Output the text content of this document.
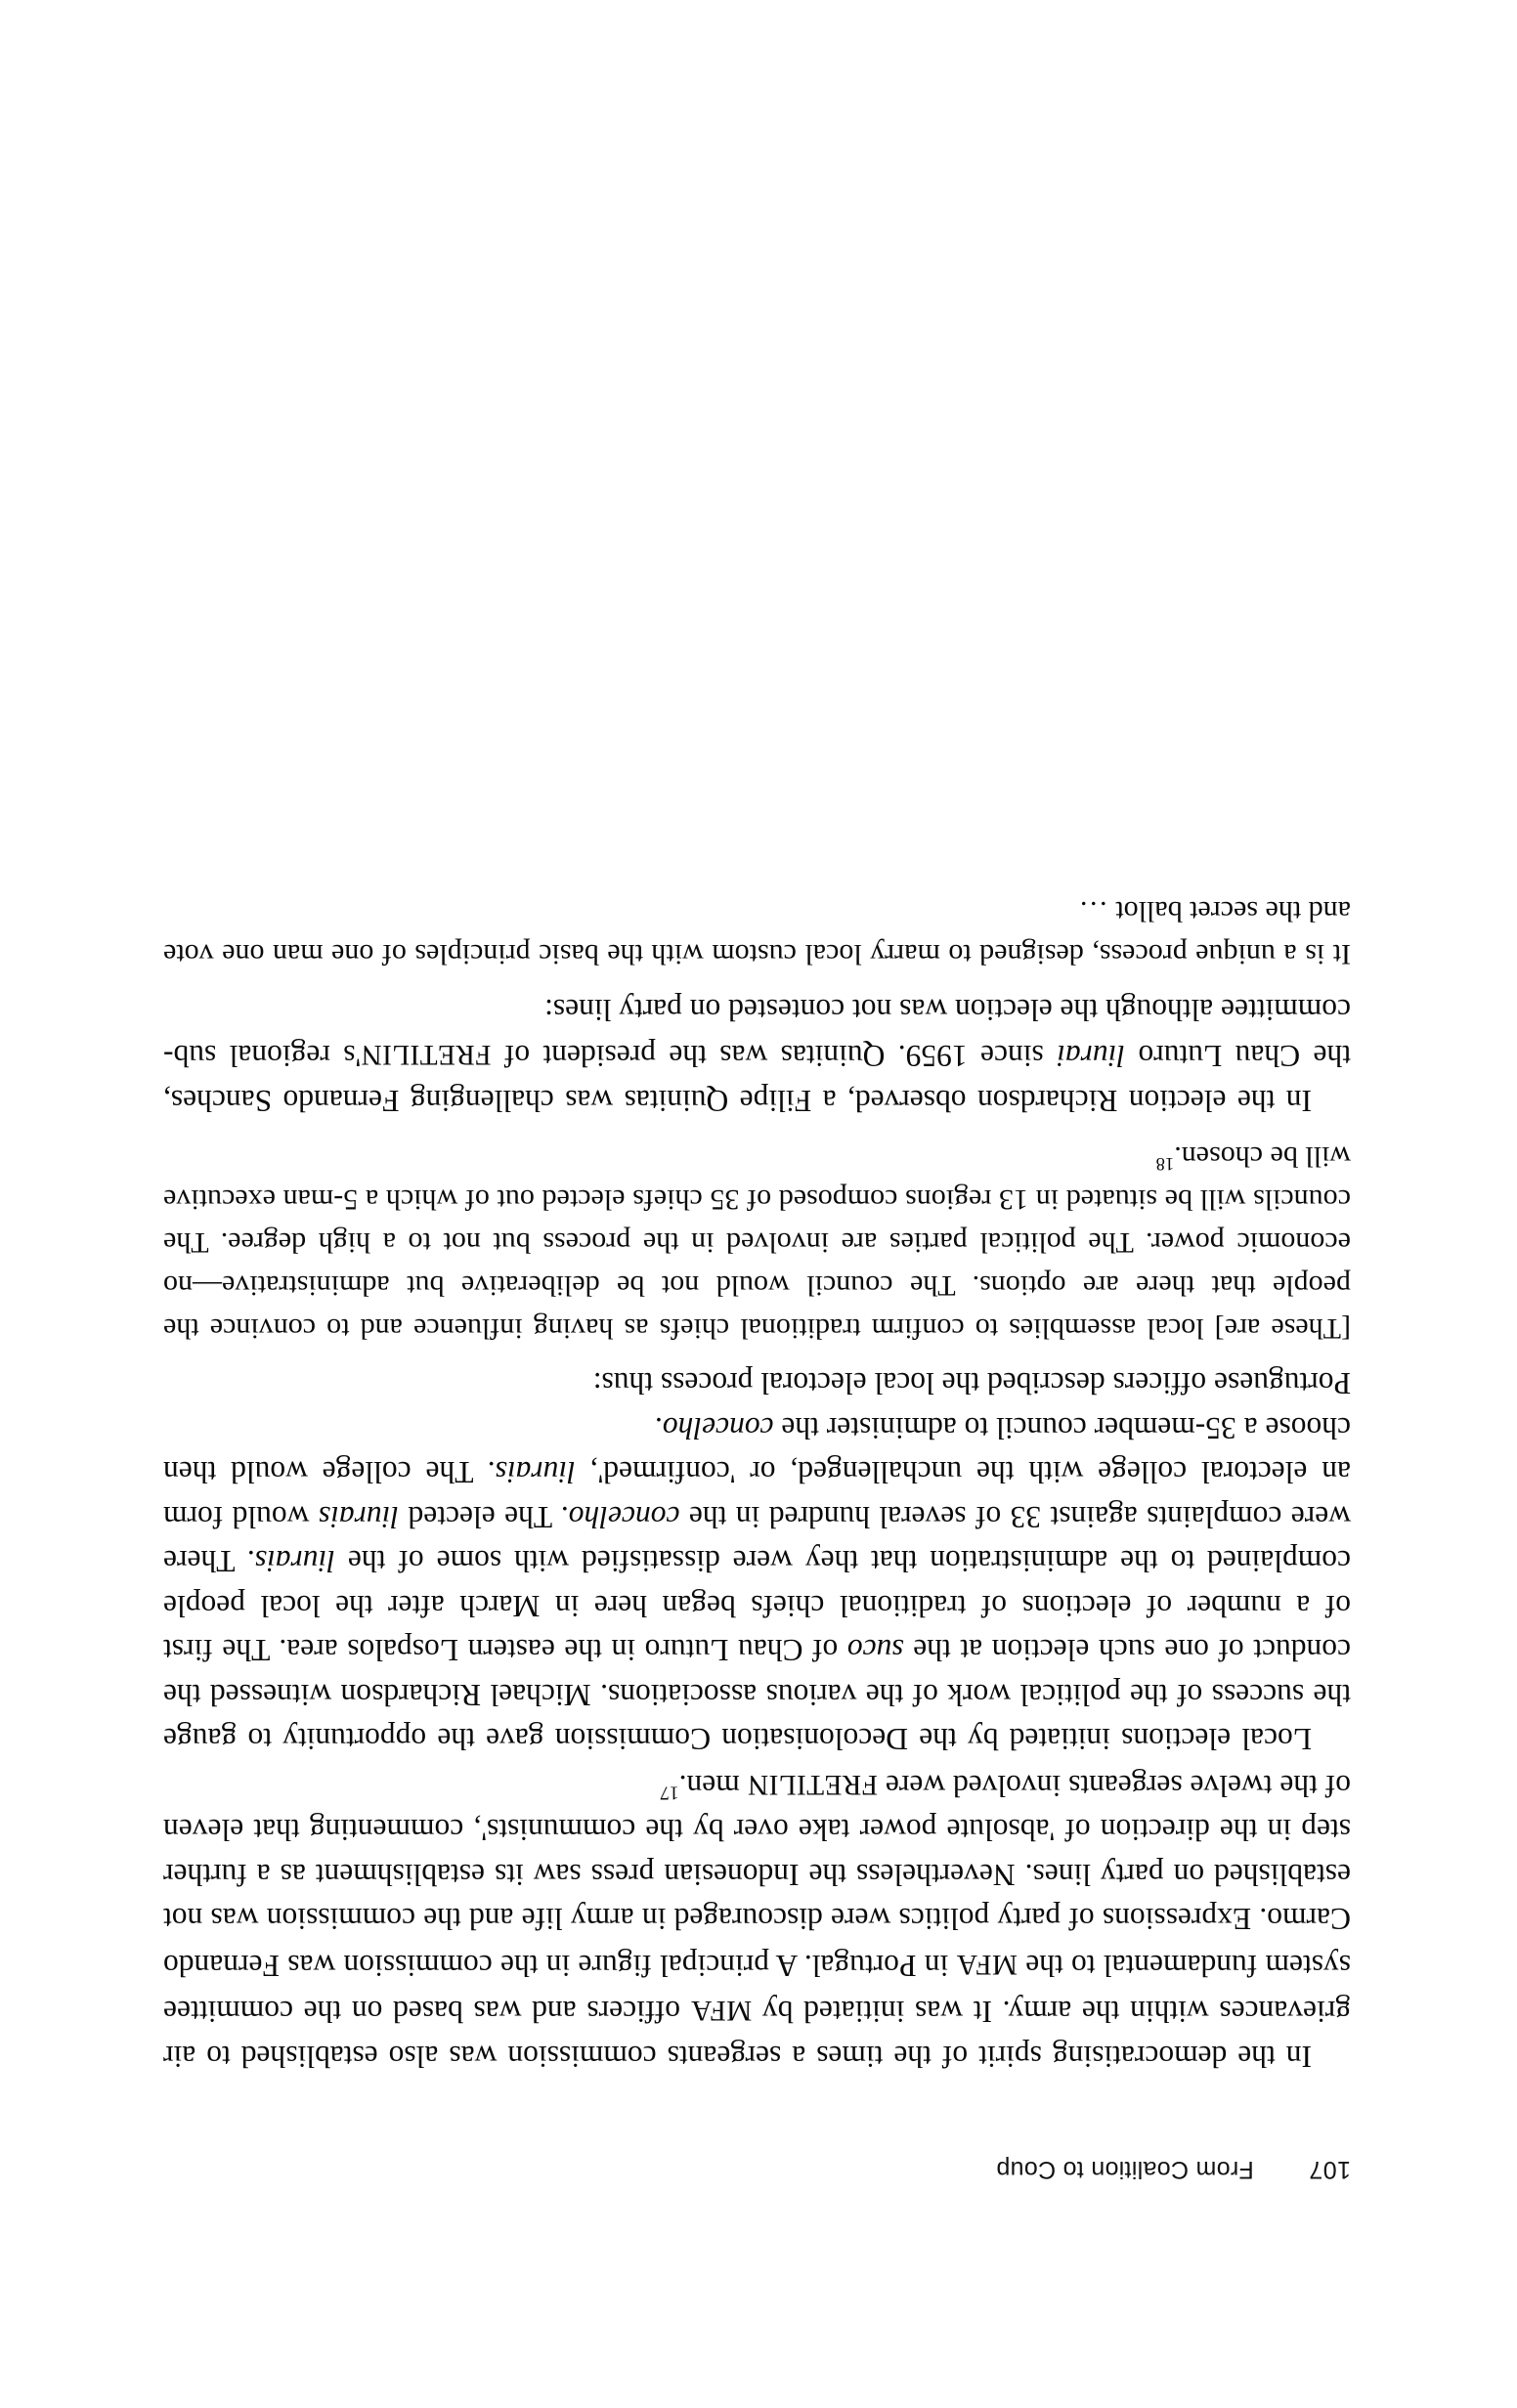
107
From Coalition to Coup

In the democratising spirit of the times a sergeants commission was also established to air grievances within the army. It was initiated by MFA officers and was based on the committee system fundamental to the MFA in Portugal. A principal figure in the commission was Fernando Carmo. Expressions of party politics were discouraged in army life and the commission was not established on party lines. Nevertheless the Indonesian press saw its establishment as a further step in the direction of 'absolute power take over by the communists', commenting that eleven of the twelve sergeants involved were FRETILIN men.$^{17}$

Local elections initiated by the Decolonisation Commission gave the opportunity to gauge the success of the political work of the various associations. Michael Richardson witnessed the conduct of one such election at the suco of Chau Luturo in the eastern Lospalos area. The first of a number of elections of traditional chiefs began here in March after the local people complained to the administration that they were dissatisfied with some of the liurais. There were complaints against 33 of several hundred in the concelho. The elected liurais would form an electoral college with the unchallenged, or 'confirmed', liurais. The college would then choose a 35-member council to administer the concelho.

Portuguese officers described the local electoral process thus:

[These are] local assemblies to confirm traditional chiefs as having influence and to convince the people that there are options. The council would not be deliberative but administrative—no economic power. The political parties are involved in the process but not to a high degree. The councils will be situated in 13 regions composed of 35 chiefs elected out of which a 5-man executive will be chosen.$^{18}$

In the election Richardson observed, a Filipe Quinitas was challenging Fernando Sanches, the Chau Luturo liurai since 1959. Quinitas was the president of FRETILIN's regional sub-committee although the election was not contested on party lines:

It is a unique process, designed to marry local custom with the basic principles of one man one vote and the secret ballot …
